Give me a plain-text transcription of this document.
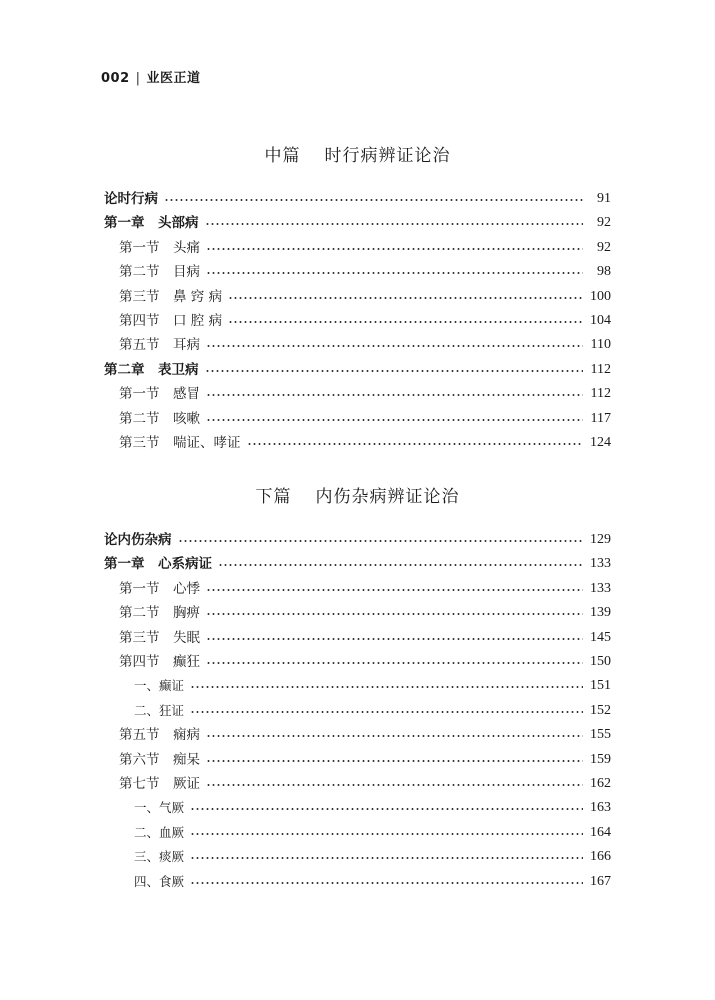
002 | 业医正道
中篇 时行病辨证论治
下篇 内伤杂病辨证论治
论时行病	91
第一章　头部病	92
第一节　头痛	92
第二节　目病	98
第三节　鼻 窍 病	100
第四节　口 腔 病	104
第五节　耳病	110
第二章　表卫病	112
第一节　感冒	112
第二节　咳嗽	117
第三节　喘证、哮证	124
论内伤杂病	129
第一章　心系病证	133
第一节　心悸	133
第二节　胸痹	139
第三节　失眠	145
第四节　癫狂	150
一、癫证	151
二、狂证	152
第五节　痫病	155
第六节　痴呆	159
第七节　厥证	162
一、气厥	163
二、血厥	164
三、痰厥	166
四、食厥	167
